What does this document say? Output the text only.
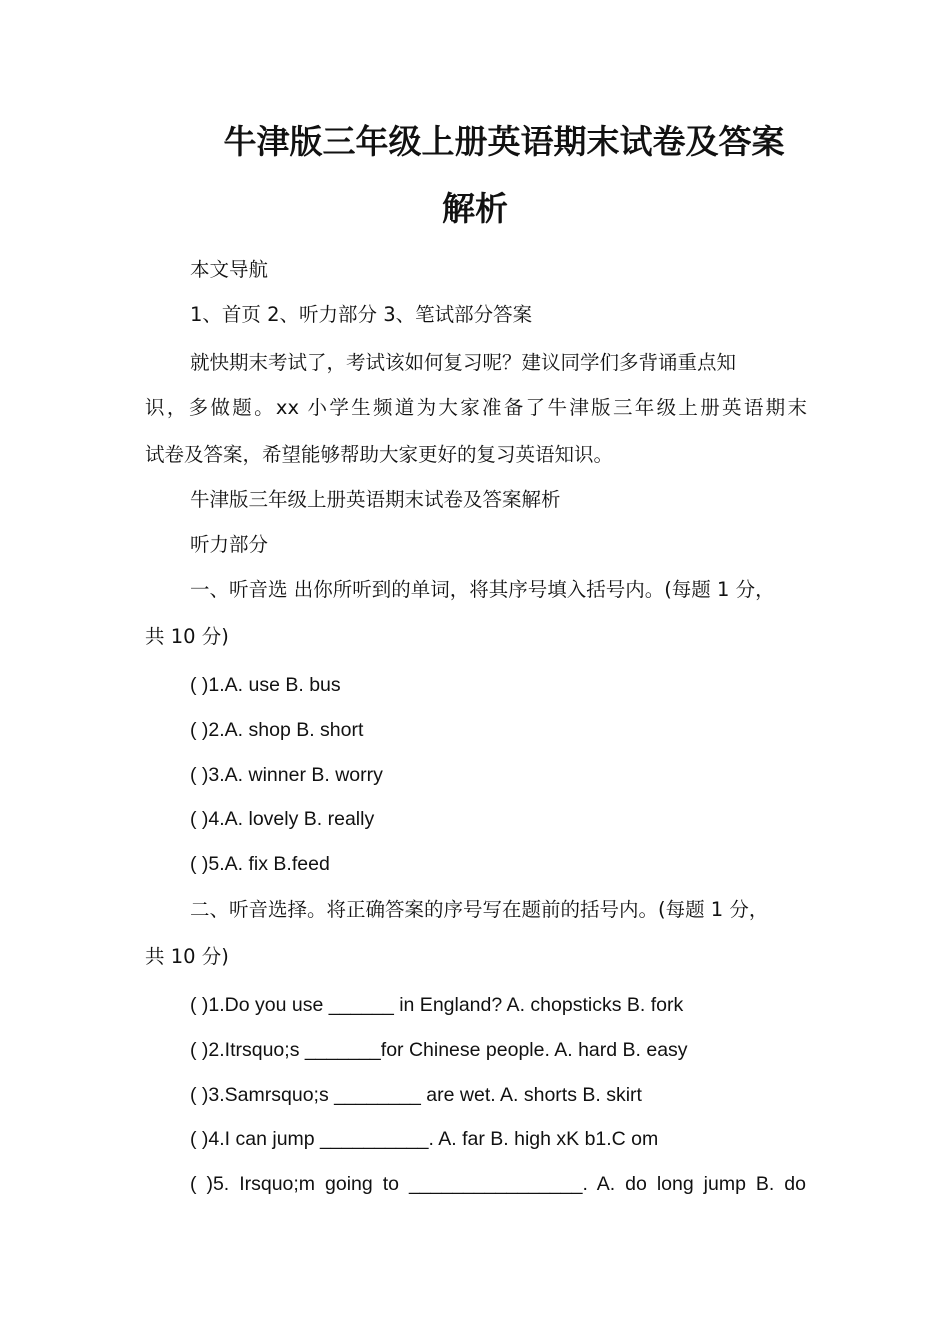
牛津版三年级上册英语期末试卷及答案
解析

本文导航

1、首页 2、听力部分 3、笔试部分答案

就快期末考试了，考试该如何复习呢？建议同学们多背诵重点知

识，多做题。xx 小学生频道为大家准备了牛津版三年级上册英语期末

试卷及答案，希望能够帮助大家更好的复习英语知识。

牛津版三年级上册英语期末试卷及答案解析

听力部分

一、听音选 出你所听到的单词，将其序号填入括号内。(每题 1 分，

共 10 分)

( )1.A. use B. bus

( )2.A. shop B. short

( )3.A. winner B. worry

( )4.A. lovely B. really

( )5.A. fix B.feed

二、听音选择。将正确答案的序号写在题前的括号内。(每题 1 分，

共 10 分)

( )1.Do you use ______ in England? A. chopsticks B. fork

( )2.Itrsquo;s _______for Chinese people. A. hard B. easy

( )3.Samrsquo;s ________ are wet. A. shorts B. skirt

( )4.I can jump __________. A. far B. high xK b1.C om

( )5. Irsquo;m going to ________________. A. do long jump B. do
